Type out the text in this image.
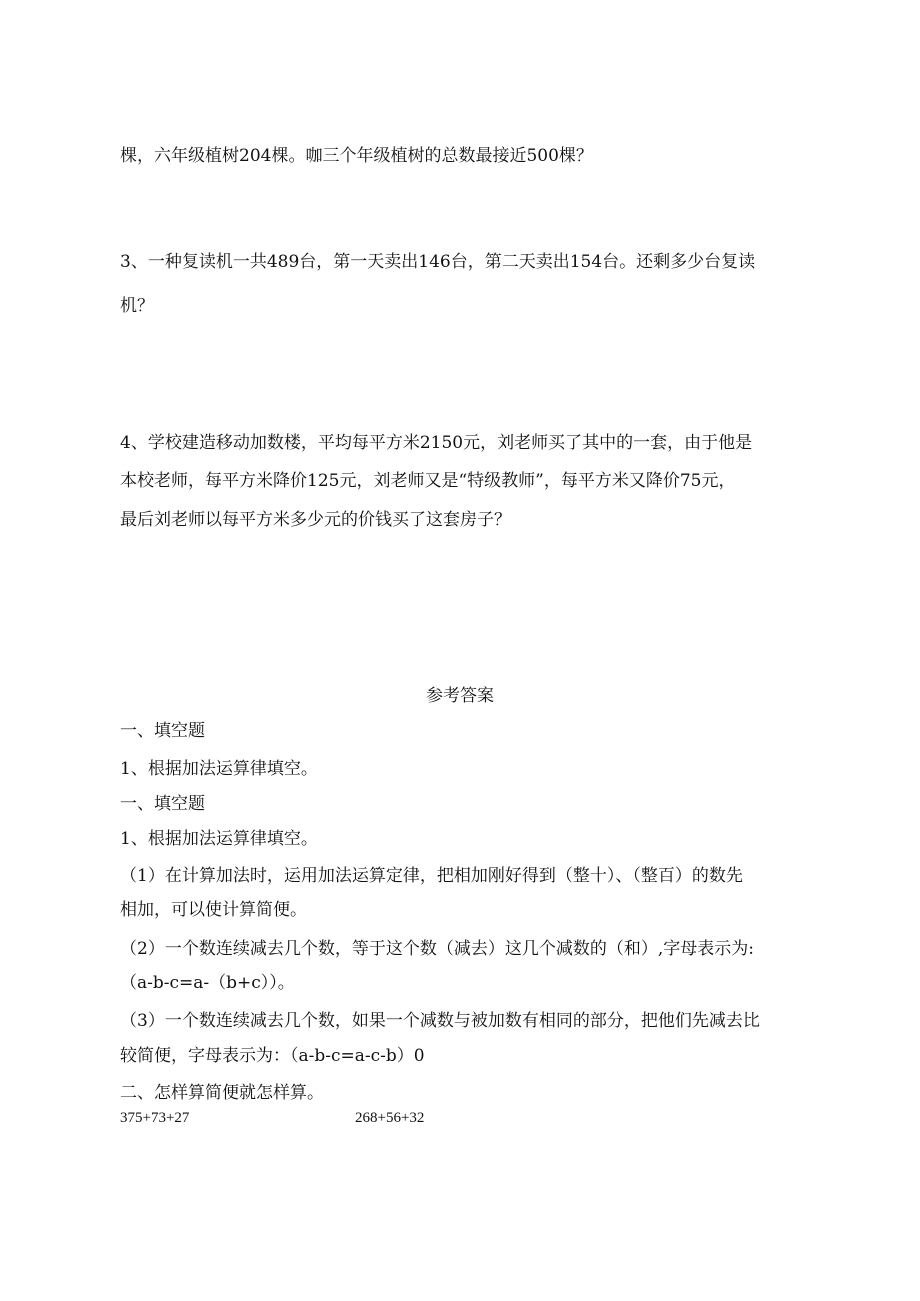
棵，六年级植树204棵。咖三个年级植树的总数最接近500棵？
3、一种复读机一共489台，第一天卖出146台，第二天卖出154台。还剩多少台复读
机？
4、学校建造移动加数楼，平均每平方米2150元，刘老师买了其中的一套，由于他是
本校老师，每平方米降价125元，刘老师又是“特级教师”，每平方米又降价75元，
最后刘老师以每平方米多少元的价钱买了这套房子？
参考答案
一、填空题
1、根据加法运算律填空。
一、填空题
1、根据加法运算律填空。
（1）在计算加法时，运用加法运算定律，把相加刚好得到（整十）、（整百）的数先
相加，可以使计算简便。
（2）一个数连续减去几个数，等于这个数（减去）这几个减数的（和）,字母表示为:
（a-b-c=a-（b+c））。
（3）一个数连续减去几个数，如果一个减数与被加数有相同的部分，把他们先减去比
较简便，字母表示为：（a-b-c=a-c-b）0
二、怎样算简便就怎样算。
375+73+27	268+56+32
